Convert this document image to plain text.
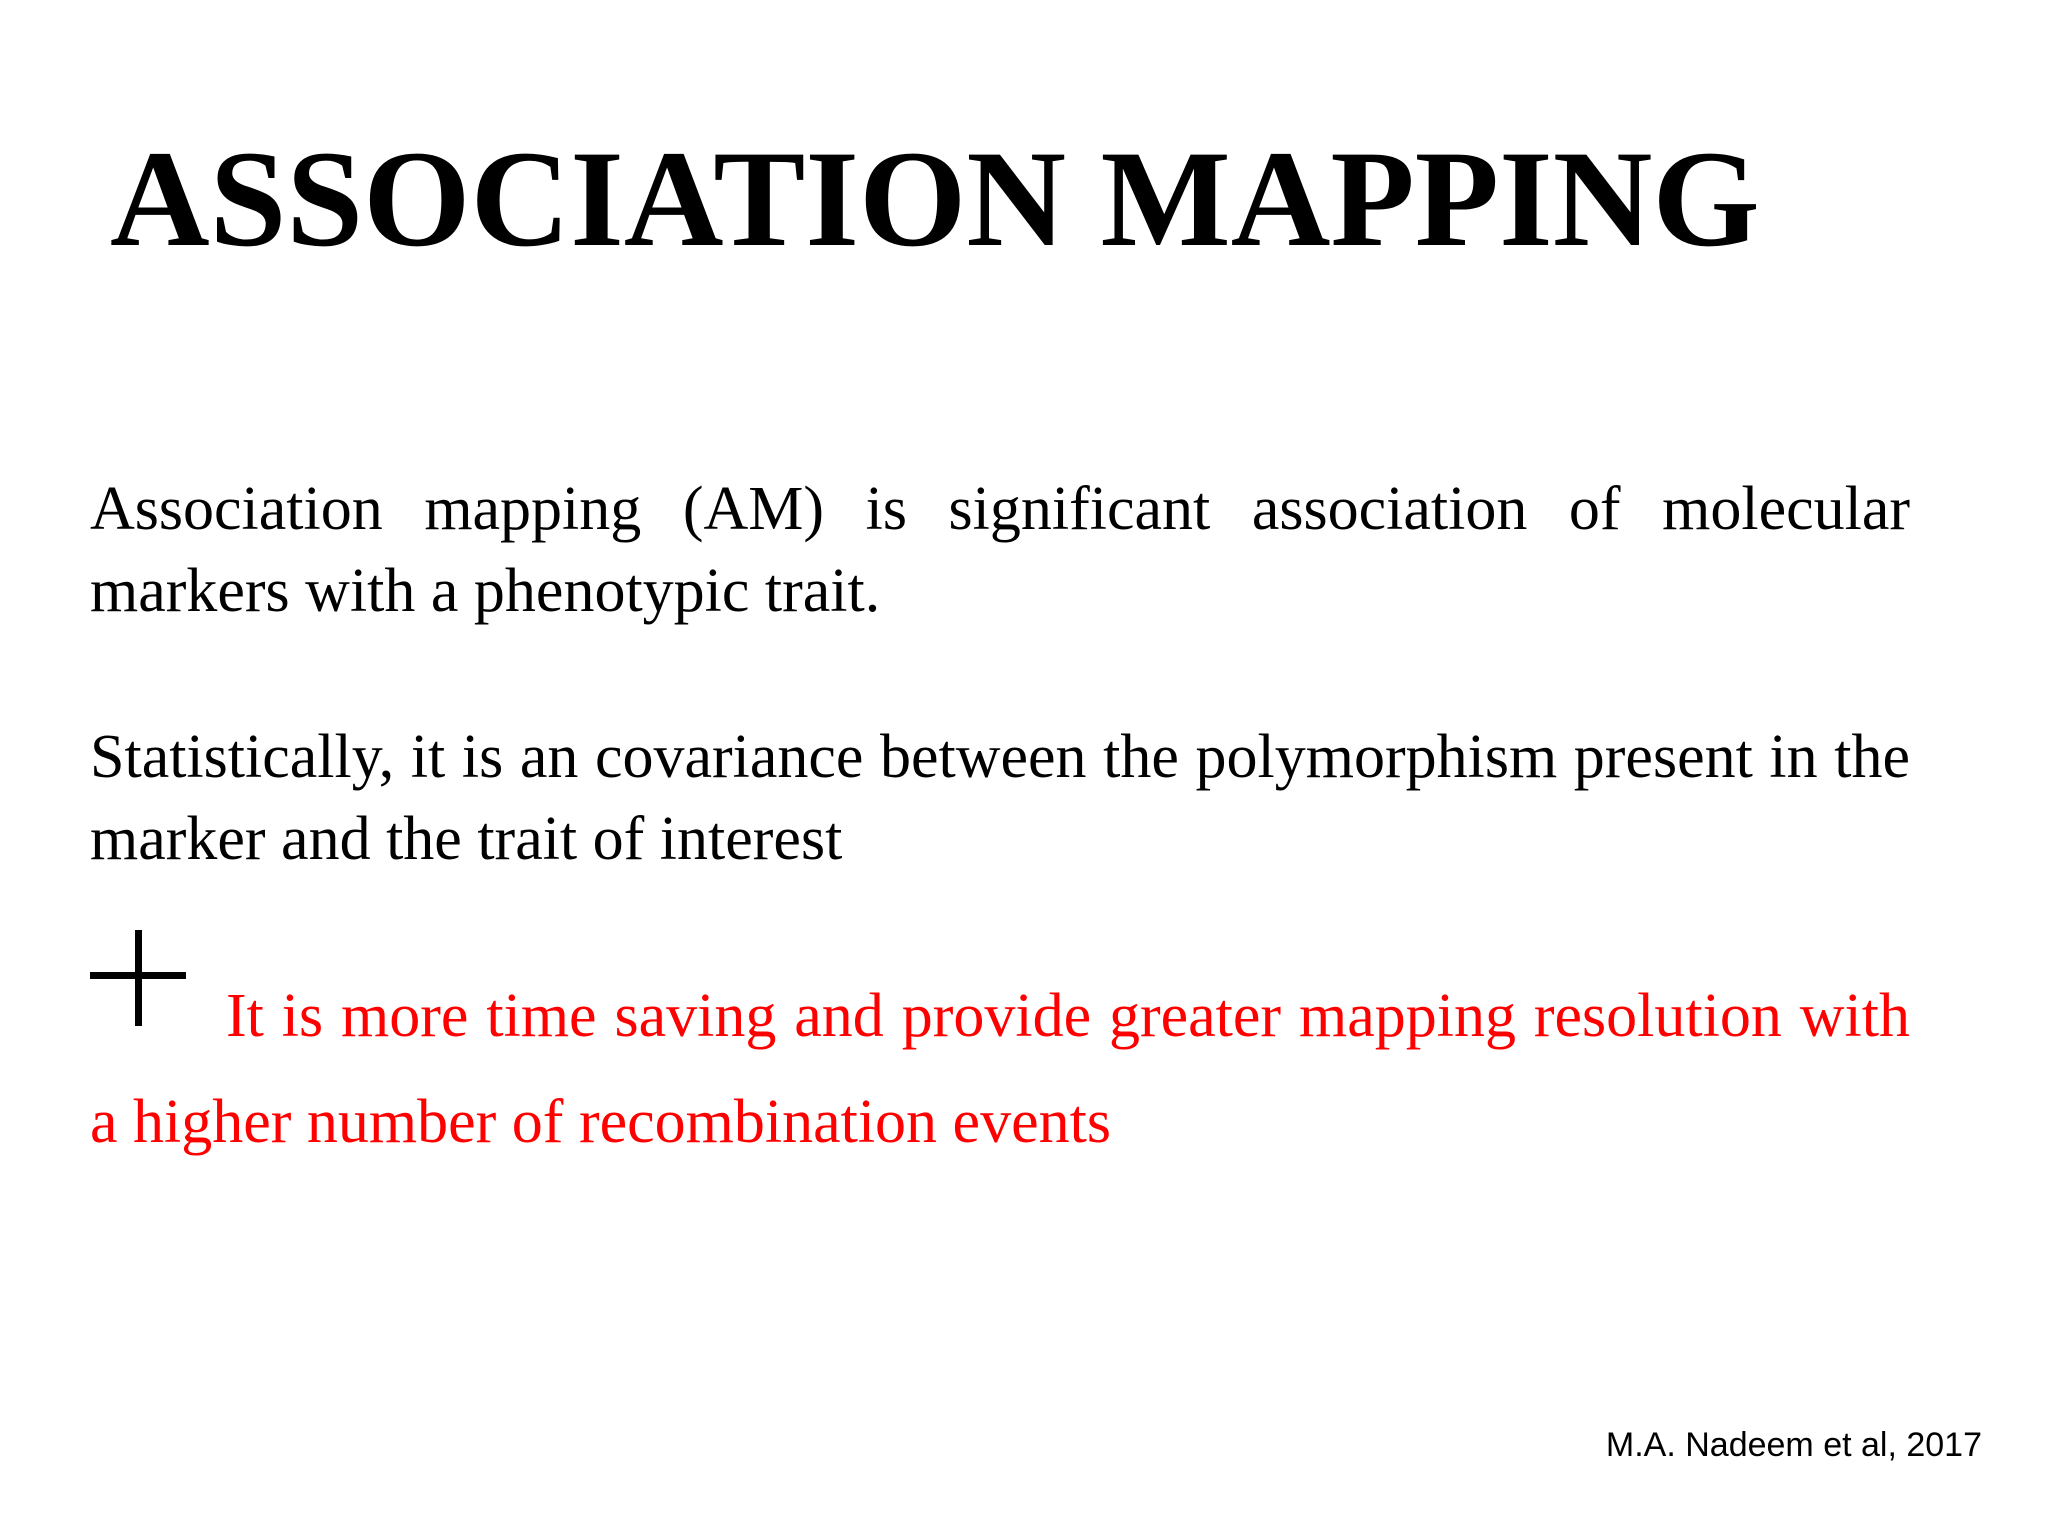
ASSOCIATION MAPPING

Association mapping (AM) is significant association of molecular markers with a phenotypic trait.

Statistically, it is an covariance between the polymorphism present in the marker and the trait of interest

It is more time saving and provide greater mapping resolution with a higher number of recombination events

M.A. Nadeem et al, 2017
